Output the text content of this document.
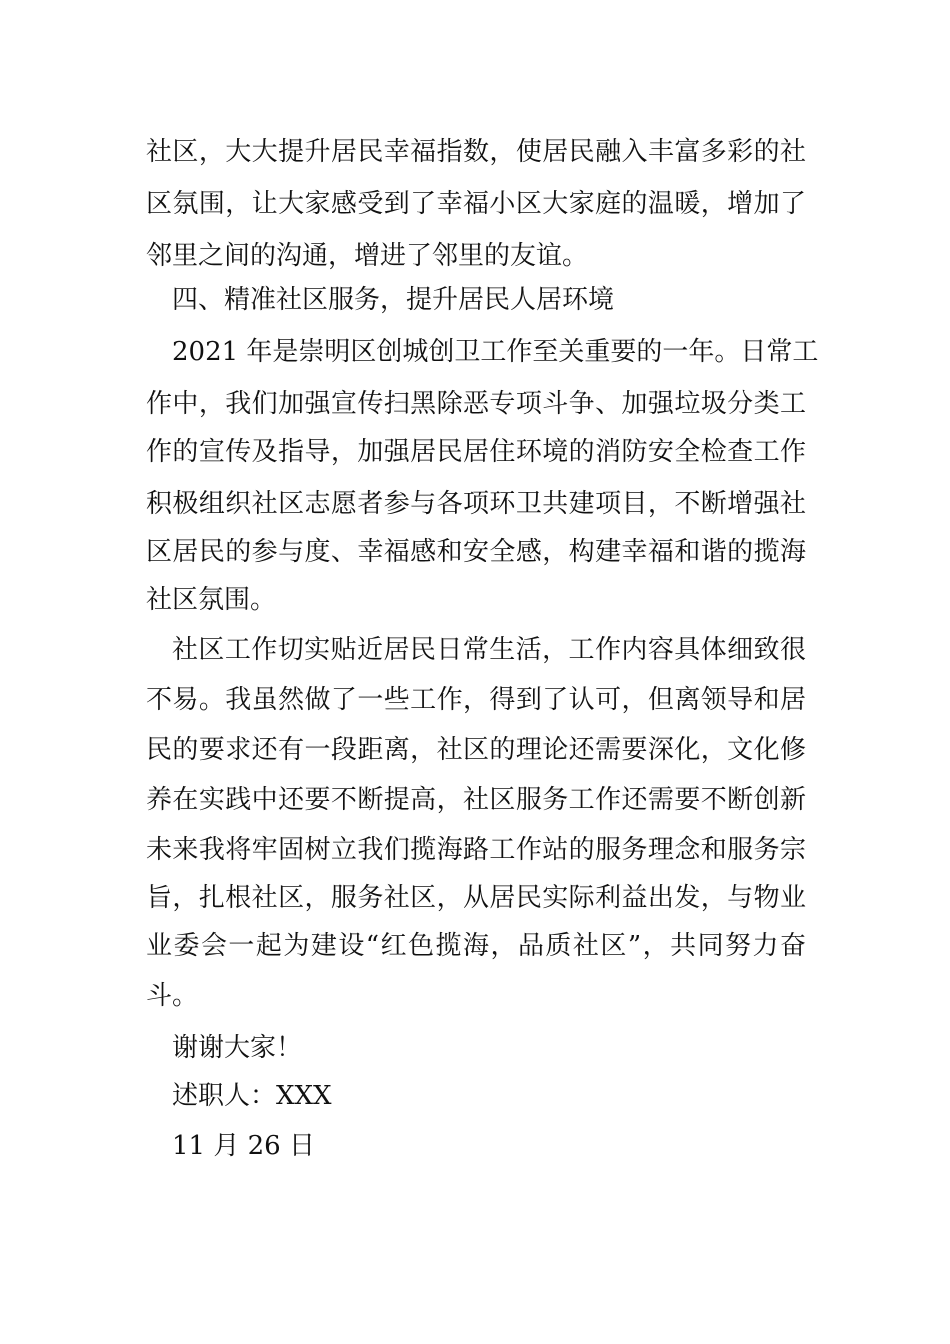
社区，大大提升居民幸福指数，使居民融入丰富多彩的社
区氛围，让大家感受到了幸福小区大家庭的温暖，增加了
邻里之间的沟通，增进了邻里的友谊。
四、精准社区服务，提升居民人居环境
2021 年是崇明区创城创卫工作至关重要的一年。日常工
作中，我们加强宣传扫黑除恶专项斗争、加强垃圾分类工
作的宣传及指导，加强居民居住环境的消防安全检查工作
积极组织社区志愿者参与各项环卫共建项目，不断增强社
区居民的参与度、幸福感和安全感，构建幸福和谐的揽海
社区氛围。
社区工作切实贴近居民日常生活，工作内容具体细致很
不易。我虽然做了一些工作，得到了认可，但离领导和居
民的要求还有一段距离，社区的理论还需要深化，文化修
养在实践中还要不断提高，社区服务工作还需要不断创新
未来我将牢固树立我们揽海路工作站的服务理念和服务宗
旨，扎根社区，服务社区，从居民实际利益出发，与物业
业委会一起为建设“红色揽海，品质社区”，共同努力奋
斗。
谢谢大家！
述职人：XXX
11 月 26 日
